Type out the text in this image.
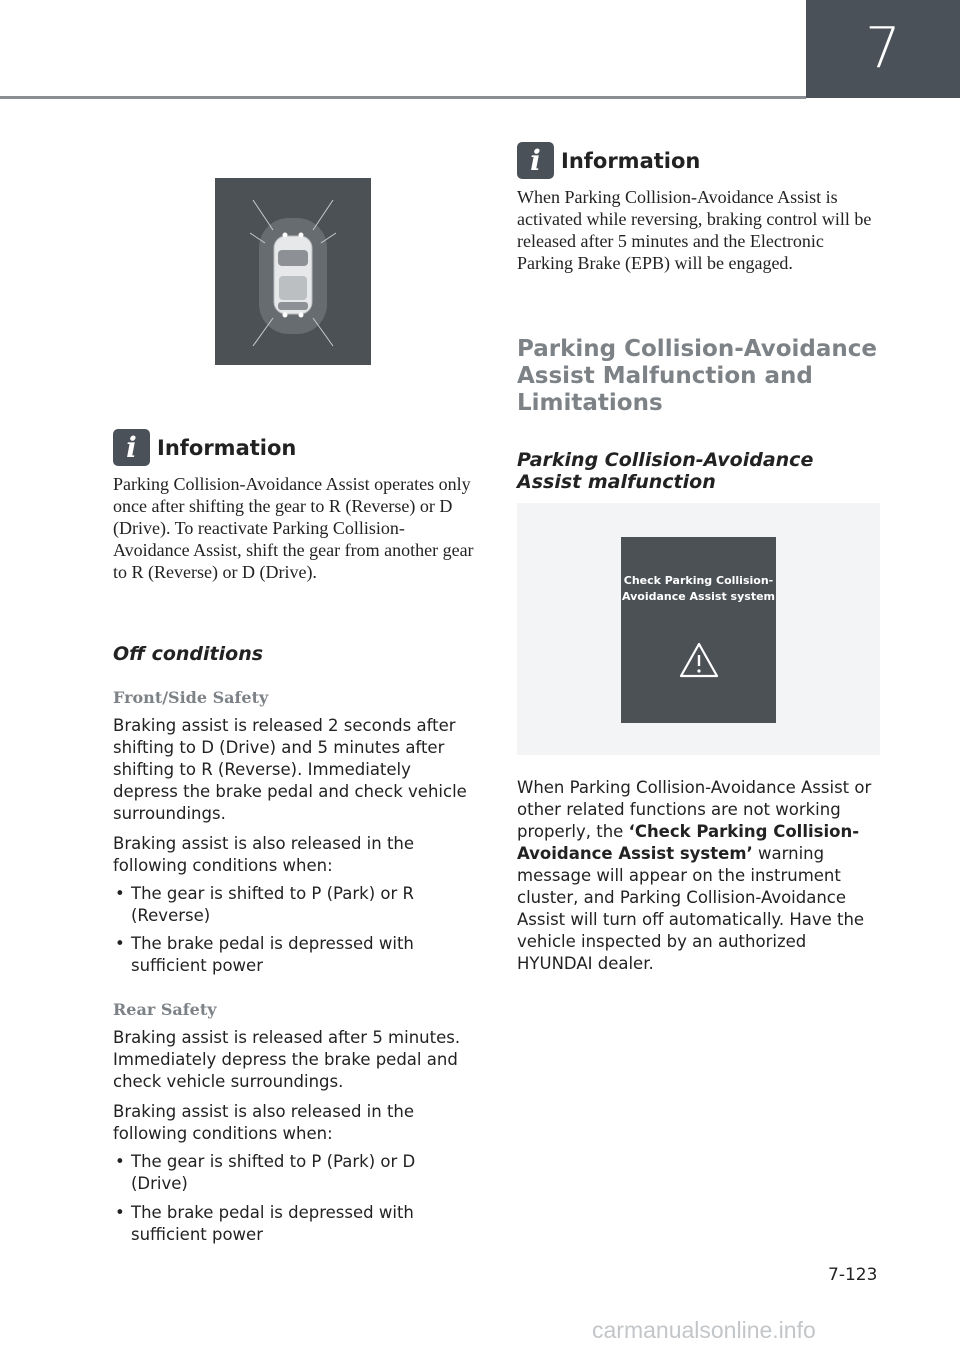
7
i Information
Parking Collision-Avoidance Assist operates only once after shifting the gear to R (Reverse) or D (Drive). To reactivate Parking Collision-Avoidance Assist, shift the gear from another gear to R (Reverse) or D (Drive).
Off conditions
Front/Side Safety
Braking assist is released 2 seconds after shifting to D (Drive) and 5 minutes after shifting to R (Reverse). Immediately depress the brake pedal and check vehicle surroundings.
Braking assist is also released in the following conditions when:
• The gear is shifted to P (Park) or R (Reverse)
• The brake pedal is depressed with sufficient power
Rear Safety
Braking assist is released after 5 minutes. Immediately depress the brake pedal and check vehicle surroundings.
Braking assist is also released in the following conditions when:
• The gear is shifted to P (Park) or D (Drive)
• The brake pedal is depressed with sufficient power
i Information
When Parking Collision-Avoidance Assist is activated while reversing, braking control will be released after 5 minutes and the Electronic Parking Brake (EPB) will be engaged.
Parking Collision-Avoidance Assist Malfunction and Limitations
Parking Collision-Avoidance Assist malfunction
Check Parking Collision-
Avoidance Assist system
When Parking Collision-Avoidance Assist or other related functions are not working properly, the ‘Check Parking Collision-Avoidance Assist system’ warning message will appear on the instrument cluster, and Parking Collision-Avoidance Assist will turn off automatically. Have the vehicle inspected by an authorized HYUNDAI dealer.
7-123
carmanualsonline.info
